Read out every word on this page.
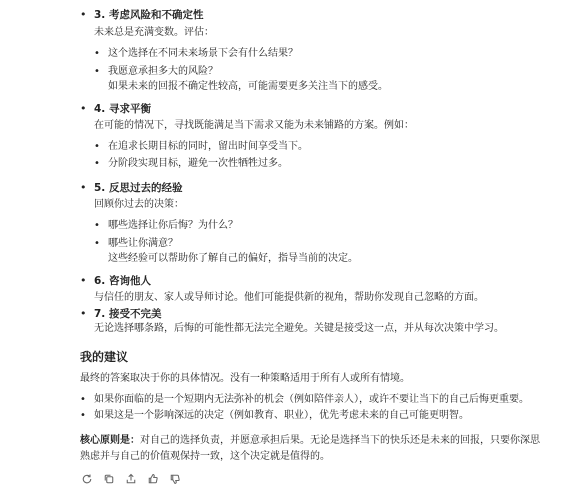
• 3. 考虑风险和不确定性
未来总是充满变数。评估：
• 这个选择在不同未来场景下会有什么结果？
• 我愿意承担多大的风险？
如果未来的回报不确定性较高，可能需要更多关注当下的感受。
• 4. 寻求平衡
在可能的情况下，寻找既能满足当下需求又能为未来铺路的方案。例如：
• 在追求长期目标的同时，留出时间享受当下。
• 分阶段实现目标，避免一次性牺牲过多。
• 5. 反思过去的经验
回顾你过去的决策：
• 哪些选择让你后悔？为什么？
• 哪些让你满意？
这些经验可以帮助你了解自己的偏好，指导当前的决定。
• 6. 咨询他人
与信任的朋友、家人或导师讨论。他们可能提供新的视角，帮助你发现自己忽略的方面。
• 7. 接受不完美
无论选择哪条路，后悔的可能性都无法完全避免。关键是接受这一点，并从每次决策中学习。
我的建议
最终的答案取决于你的具体情况。没有一种策略适用于所有人或所有情境。
• 如果你面临的是一个短期内无法弥补的机会（例如陪伴亲人），或许不要让当下的自己后悔更重要。
• 如果这是一个影响深远的决定（例如教育、职业），优先考虑未来的自己可能更明智。
核心原则是：对自己的选择负责，并愿意承担后果。无论是选择当下的快乐还是未来的回报，只要你深思
熟虑并与自己的价值观保持一致，这个决定就是值得的。
